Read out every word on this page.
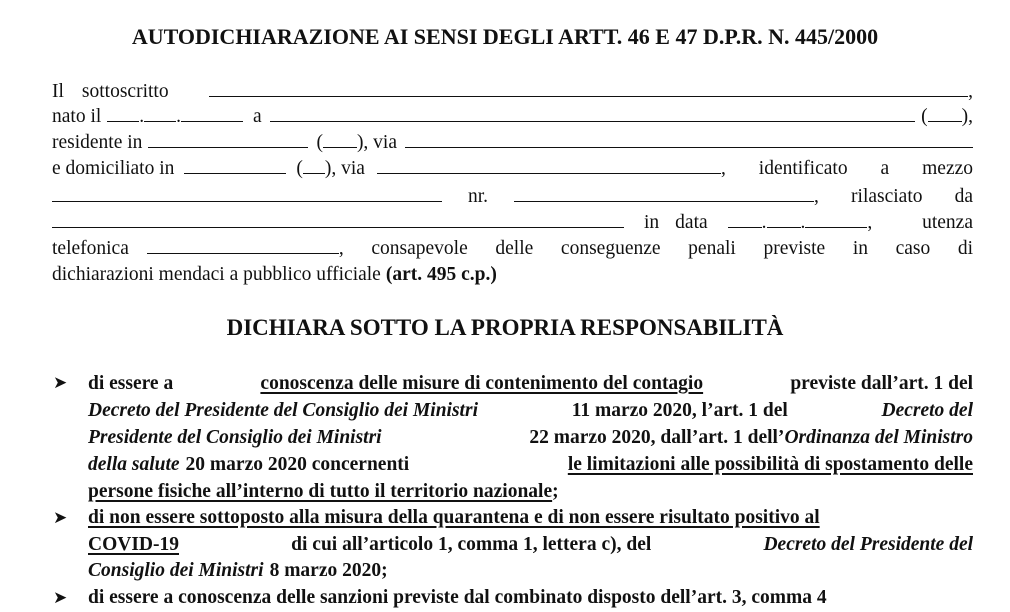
AUTODICHIARAZIONE AI SENSI DEGLI ARTT. 46 E 47 D.P.R. N. 445/2000
Il sottoscritto	,
nato il . .	a	( ),
residente in	( ), via
e domiciliato in	( ), via	, identificato a mezzo
nr.	, rilasciato da
in data	. .	,	utenza
telefonica	, consapevole delle conseguenze penali previste in caso di
dichiarazioni mendaci a pubblico ufficiale (art. 495 c.p.)
DICHIARA SOTTO LA PROPRIA RESPONSABILITÀ
➤ di essere a	conoscenza delle misure di contenimento del contagio	previste dall’art. 1 del
Decreto del Presidente del Consiglio dei Ministri	11 marzo 2020, l’art. 1 del	Decreto del
Presidente del Consiglio dei Ministri	22 marzo 2020, dall’art. 1 dell’ Ordinanza del Ministro
della salute 20 marzo 2020 concernenti	le limitazioni alle possibilità di spostamento delle
persone fisiche all’interno di tutto il territorio nazionale ;
➤ di non essere sottoposto alla misura della quarantena e di non essere risultato positivo al
COVID-19	di cui all’articolo 1, comma 1, lettera c), del	Decreto del Presidente del
Consiglio dei Ministri 8 marzo 2020;
➤ di essere a conoscenza delle sanzioni previste dal combinato disposto dell’art. 3, comma 4
